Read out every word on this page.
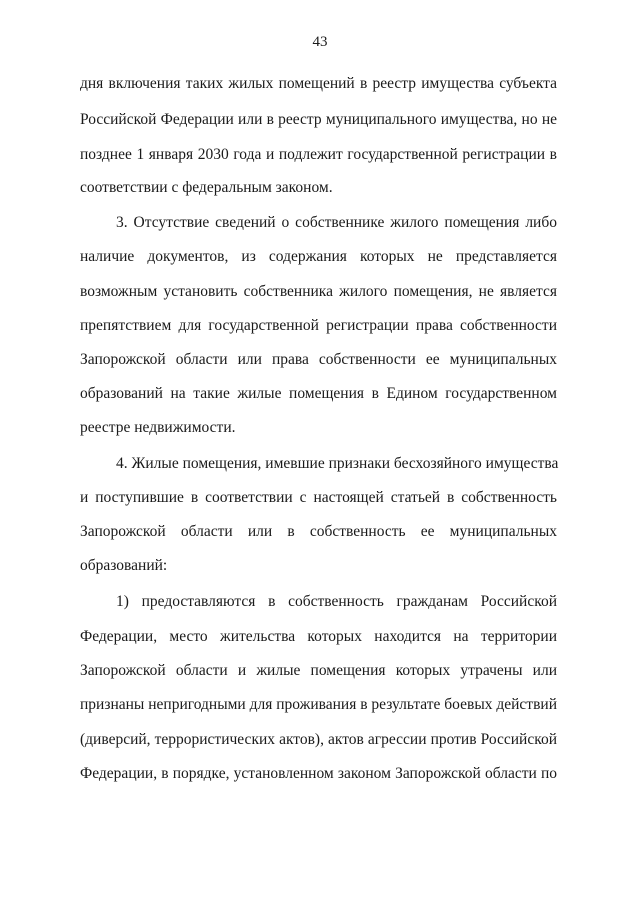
43
дня включения таких жилых помещений в реестр имущества субъекта
Российской Федерации или в реестр муниципального имущества, но не
позднее 1 января 2030 года и подлежит государственной регистрации в
соответствии с федеральным законом.
3. Отсутствие сведений о собственнике жилого помещения либо
наличие документов, из содержания которых не представляется
возможным установить собственника жилого помещения, не является
препятствием для государственной регистрации права собственности
Запорожской области или права собственности ее муниципальных
образований на такие жилые помещения в Едином государственном
реестре недвижимости.
4. Жилые помещения, имевшие признаки бесхозяйного имущества
и поступившие в соответствии с настоящей статьей в собственность
Запорожской области или в собственность ее муниципальных
образований:
1) предоставляются в собственность гражданам Российской
Федерации, место жительства которых находится на территории
Запорожской области и жилые помещения которых утрачены или
признаны непригодными для проживания в результате боевых действий
(диверсий, террористических актов), актов агрессии против Российской
Федерации, в порядке, установленном законом Запорожской области по
